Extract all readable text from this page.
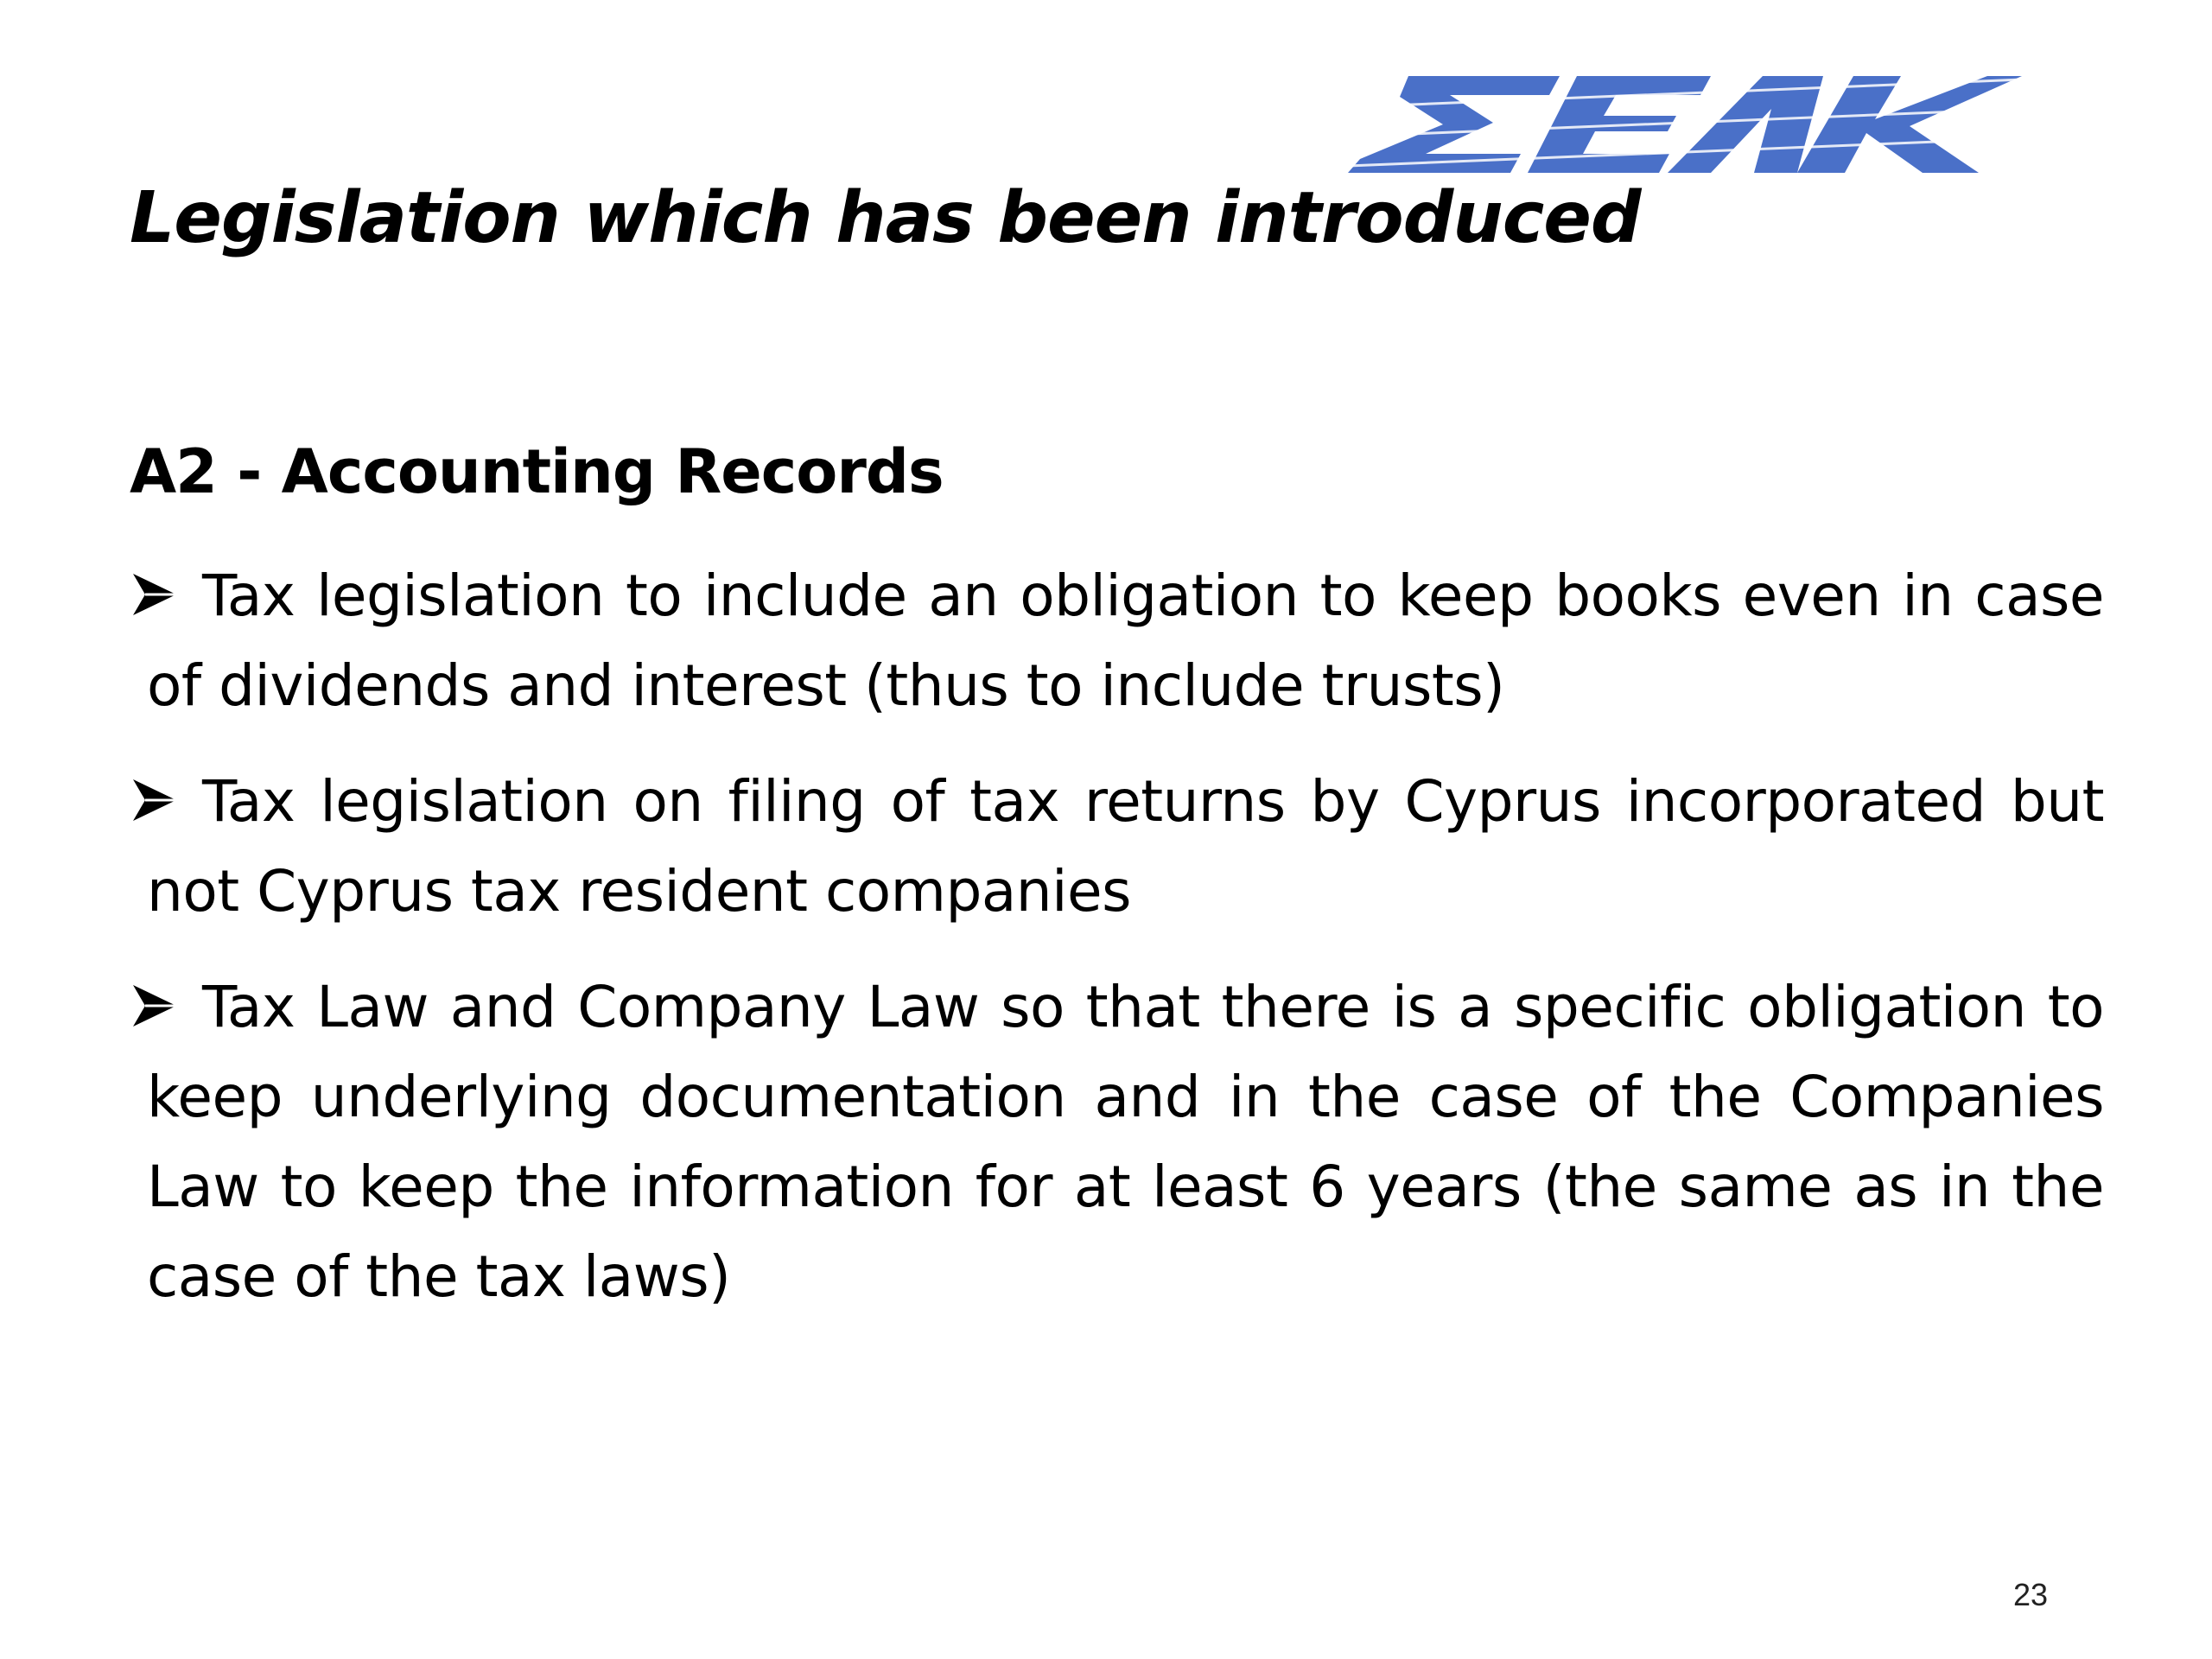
Legislation which has been introduced
A2 - Accounting Records
Tax legislation to include an obligation to keep books even in case of dividends and interest (thus to include trusts)
Tax legislation on filing of tax returns by Cyprus incorporated but not Cyprus tax resident companies
Tax Law and Company Law so that there is a specific obligation to keep underlying documentation and in the case of the Companies Law to keep the information for at least 6 years (the same as in the case of the tax laws)
23
